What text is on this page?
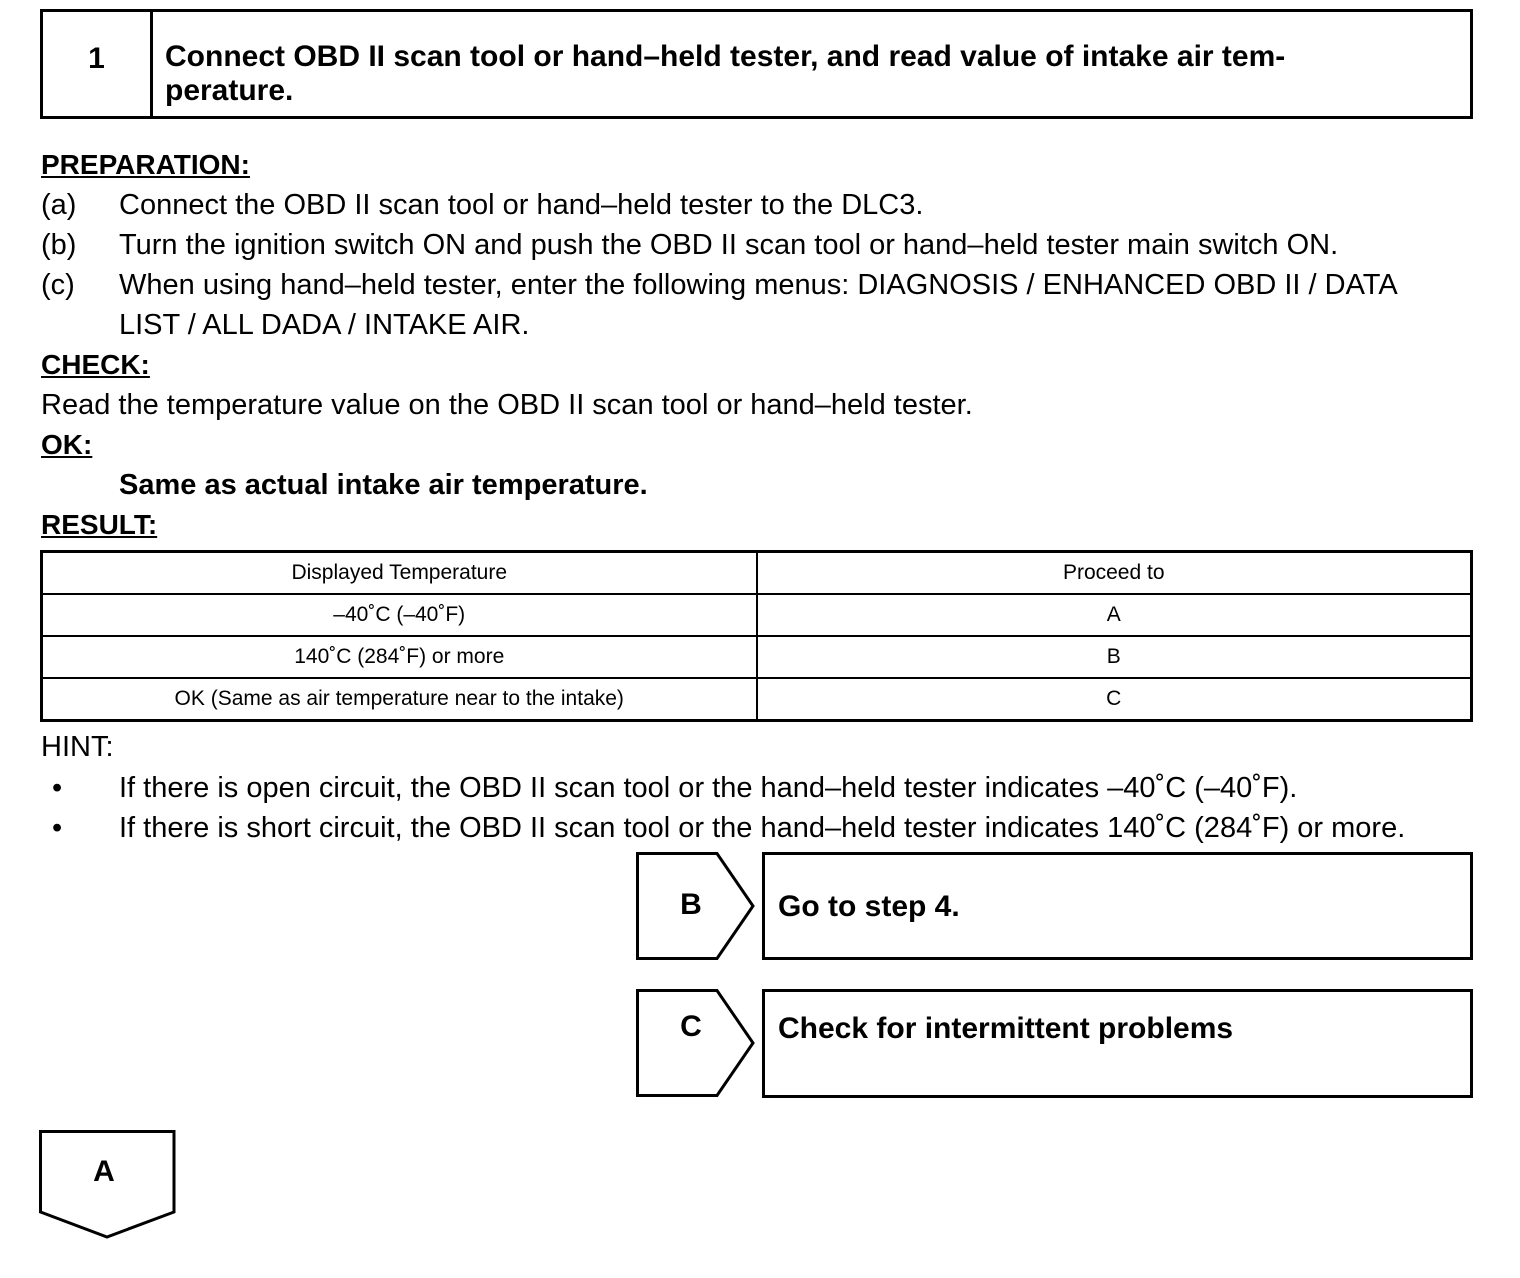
1	Connect OBD II scan tool or hand–held tester, and read value of intake air tem-
perature.
PREPARATION:
(a) Connect the OBD II scan tool or hand–held tester to the DLC3.
(b) Turn the ignition switch ON and push the OBD II scan tool or hand–held tester main switch ON.
(c) When using hand–held tester, enter the following menus: DIAGNOSIS / ENHANCED OBD II / DATA
LIST / ALL DADA / INTAKE AIR.
CHECK:
Read the temperature value on the OBD II scan tool or hand–held tester.
OK:
Same as actual intake air temperature.
RESULT:
Displayed Temperature	Proceed to
–40˚C (–40˚F)	A
140˚C (284˚F) or more	B
OK (Same as air temperature near to the intake)	C
HINT:
• If there is open circuit, the OBD II scan tool or the hand–held tester indicates –40˚C (–40˚F).
• If there is short circuit, the OBD II scan tool or the hand–held tester indicates 140˚C (284˚F) or more.
B	Go to step 4.
C	Check for intermittent problems
A
